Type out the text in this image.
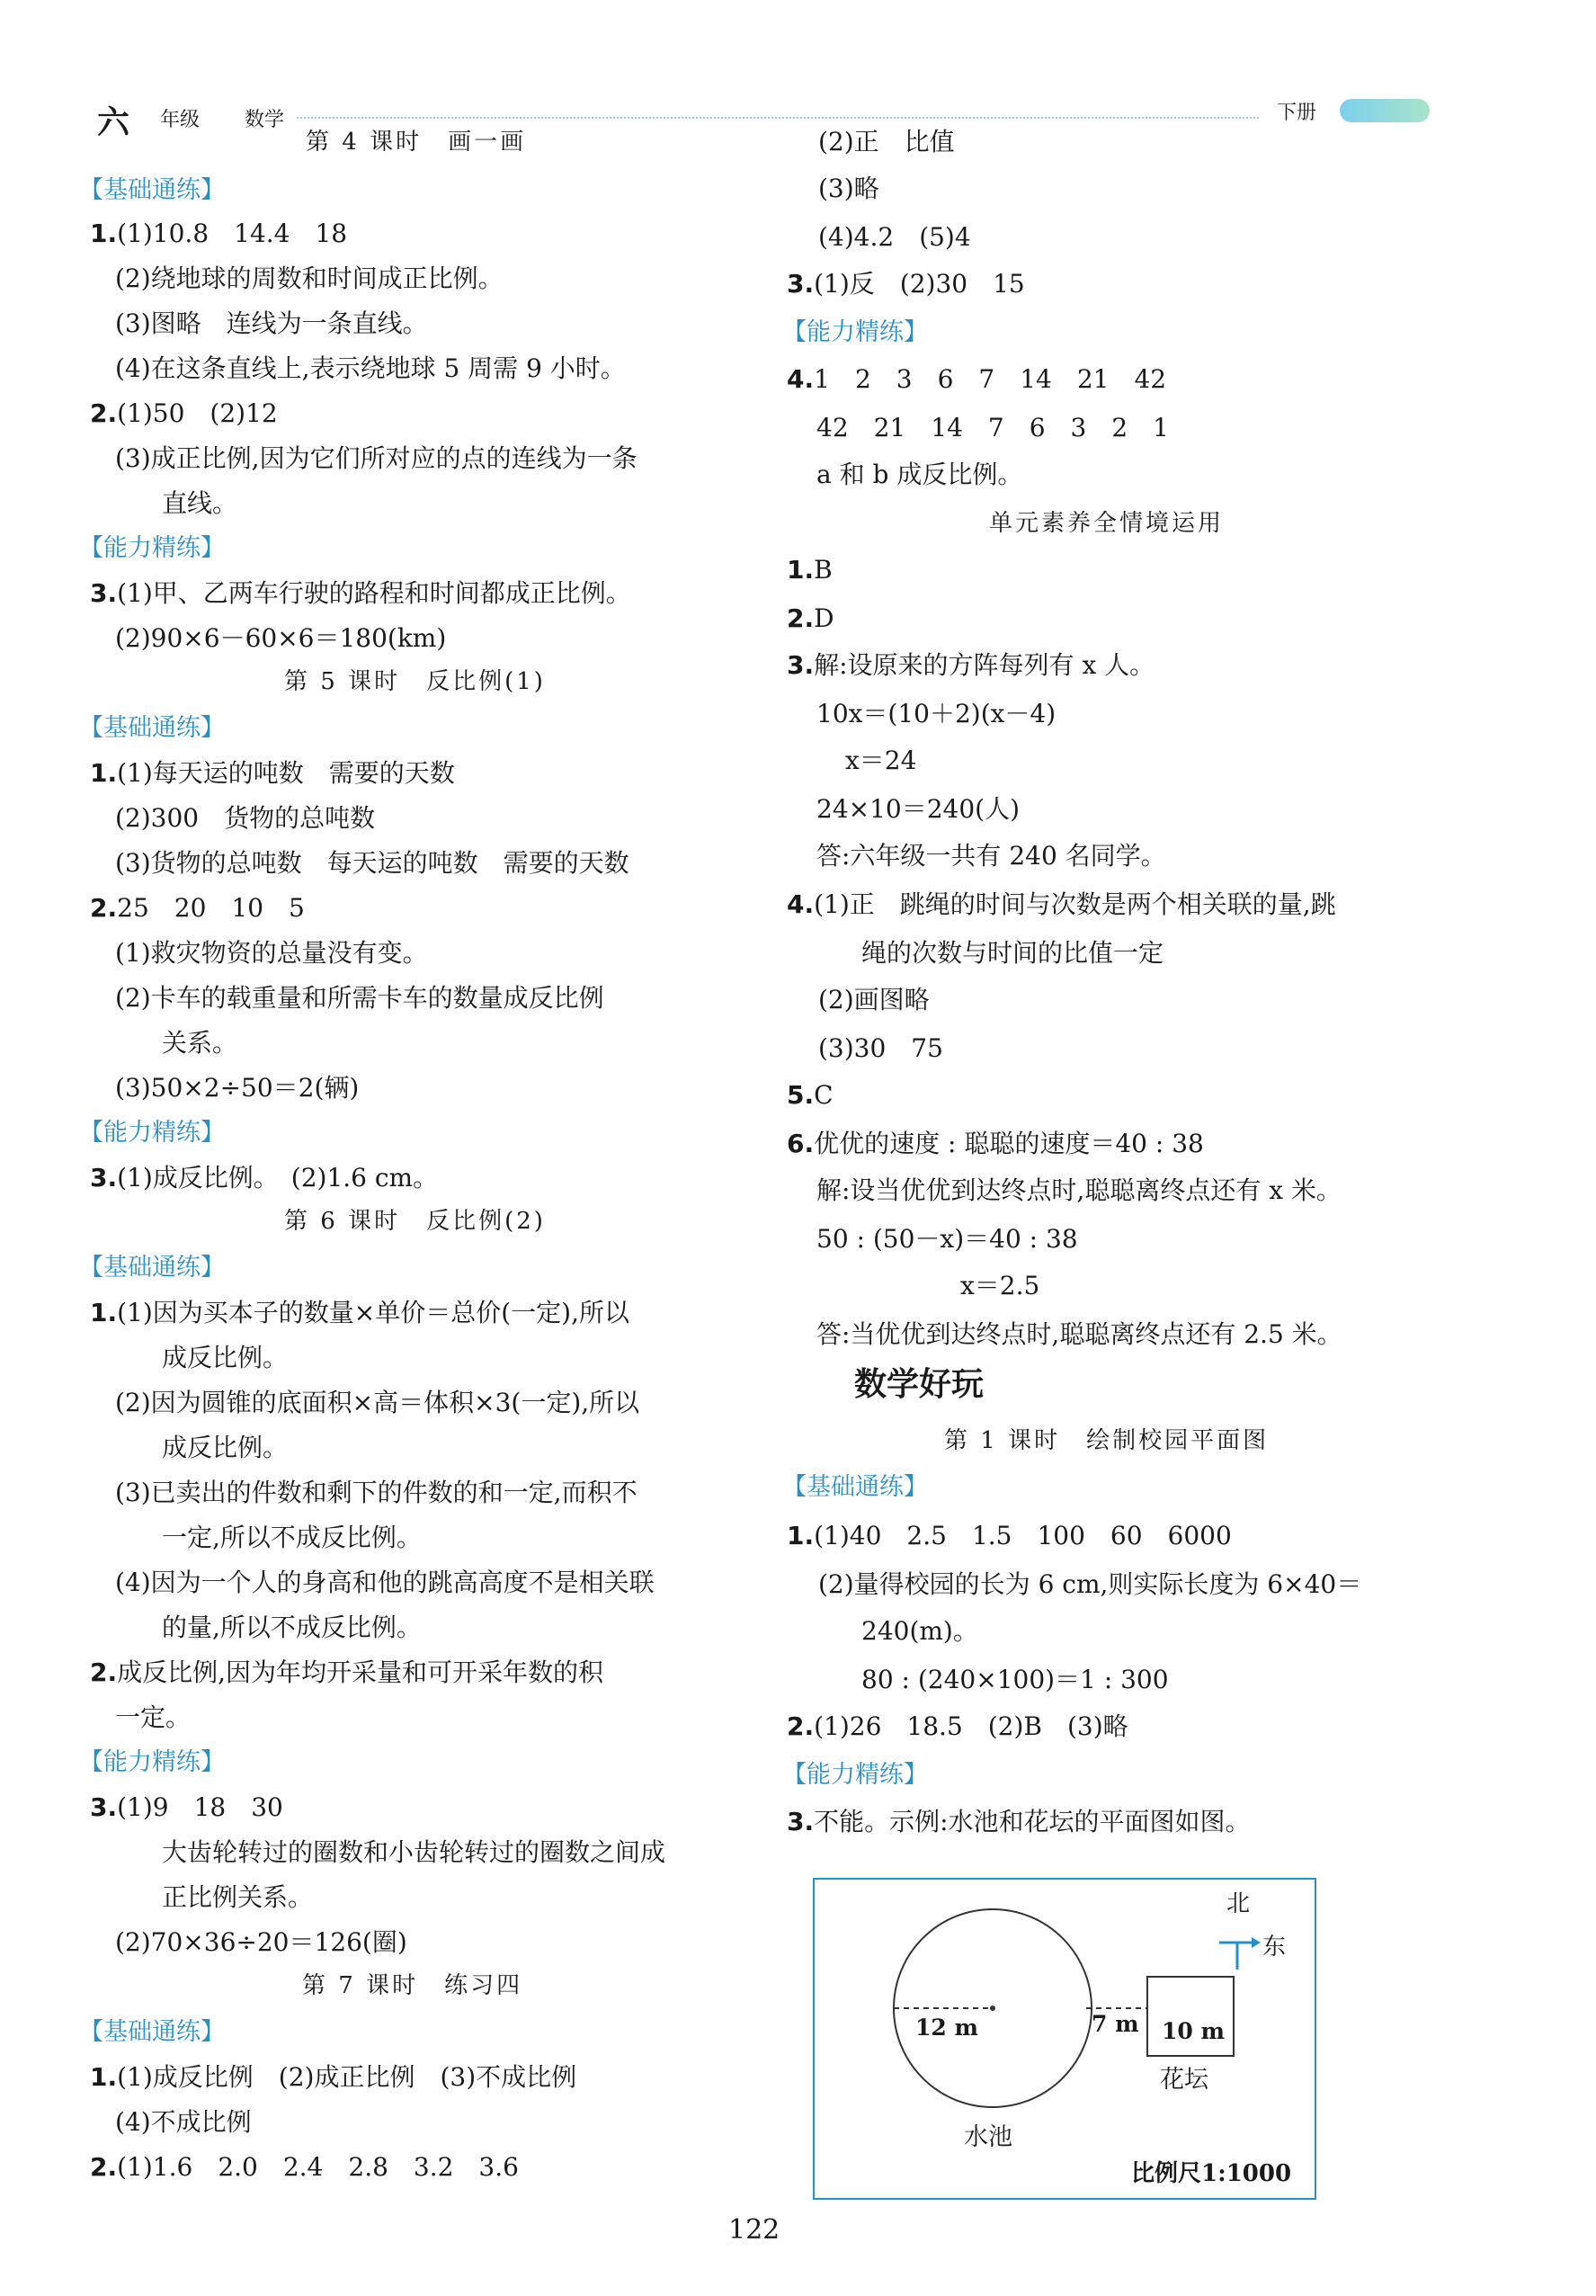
六 年级 数学	下册
第 4 课时　画一画
【基础通练】
1.(1)10.8　14.4　18
(2)绕地球的周数和时间成正比例。
(3)图略　连线为一条直线。
(4)在这条直线上,表示绕地球 5 周需 9 小时。
2.(1)50　(2)12
(3)成正比例,因为它们所对应的点的连线为一条
直线。
【能力精练】
3.(1)甲、乙两车行驶的路程和时间都成正比例。
(2)90×6－60×6＝180(km)
第 5 课时　反比例(1)
【基础通练】
1.(1)每天运的吨数　需要的天数
(2)300　货物的总吨数
(3)货物的总吨数　每天运的吨数　需要的天数
2.25　20　10　5
(1)救灾物资的总量没有变。
(2)卡车的载重量和所需卡车的数量成反比例
关系。
(3)50×2÷50＝2(辆)
【能力精练】
3.(1)成反比例。　(2)1.6 cm。
第 6 课时　反比例(2)
【基础通练】
1.(1)因为买本子的数量×单价＝总价(一定),所以
成反比例。
(2)因为圆锥的底面积×高＝体积×3(一定),所以
成反比例。
(3)已卖出的件数和剩下的件数的和一定,而积不
一定,所以不成反比例。
(4)因为一个人的身高和他的跳高高度不是相关联
的量,所以不成反比例。
2.成反比例,因为年均开采量和可开采年数的积
一定。
【能力精练】
3.(1)9　18　30
大齿轮转过的圈数和小齿轮转过的圈数之间成
正比例关系。
(2)70×36÷20＝126(圈)
第 7 课时　练习四
【基础通练】
1.(1)成反比例　(2)成正比例　(3)不成比例
(4)不成比例
2.(1)1.6　2.0　2.4　2.8　3.2　3.6
(2)正　比值
(3)略
(4)4.2　(5)4
3.(1)反　(2)30　15
【能力精练】
4.1　2　3　6　7　14　21　42
42　21　14　7　6　3　2　1
a 和 b 成反比例。
单元素养全情境运用
1.B
2.D
3.解:设原来的方阵每列有 x 人。
10x＝(10＋2)(x－4)
x＝24
24×10＝240(人)
答:六年级一共有 240 名同学。
4.(1)正　跳绳的时间与次数是两个相关联的量,跳
绳的次数与时间的比值一定
(2)画图略
(3)30　75
5.C
6.优优的速度 : 聪聪的速度＝40 : 38
解:设当优优到达终点时,聪聪离终点还有 x 米。
50 : (50－x)＝40 : 38
x＝2.5
答:当优优到达终点时,聪聪离终点还有 2.5 米。
数学好玩
第 1 课时　绘制校园平面图
【基础通练】
1.(1)40　2.5　1.5　100　60　6000
(2)量得校园的长为 6 cm,则实际长度为 6×40＝
240(m)。
80 : (240×100)＝1 : 300
2.(1)26　18.5　(2)B　(3)略
【能力精练】
3.不能。示例:水池和花坛的平面图如图。
北
东
12 m	7 m 10 m
花坛
水池
比例尺1:1000
122
